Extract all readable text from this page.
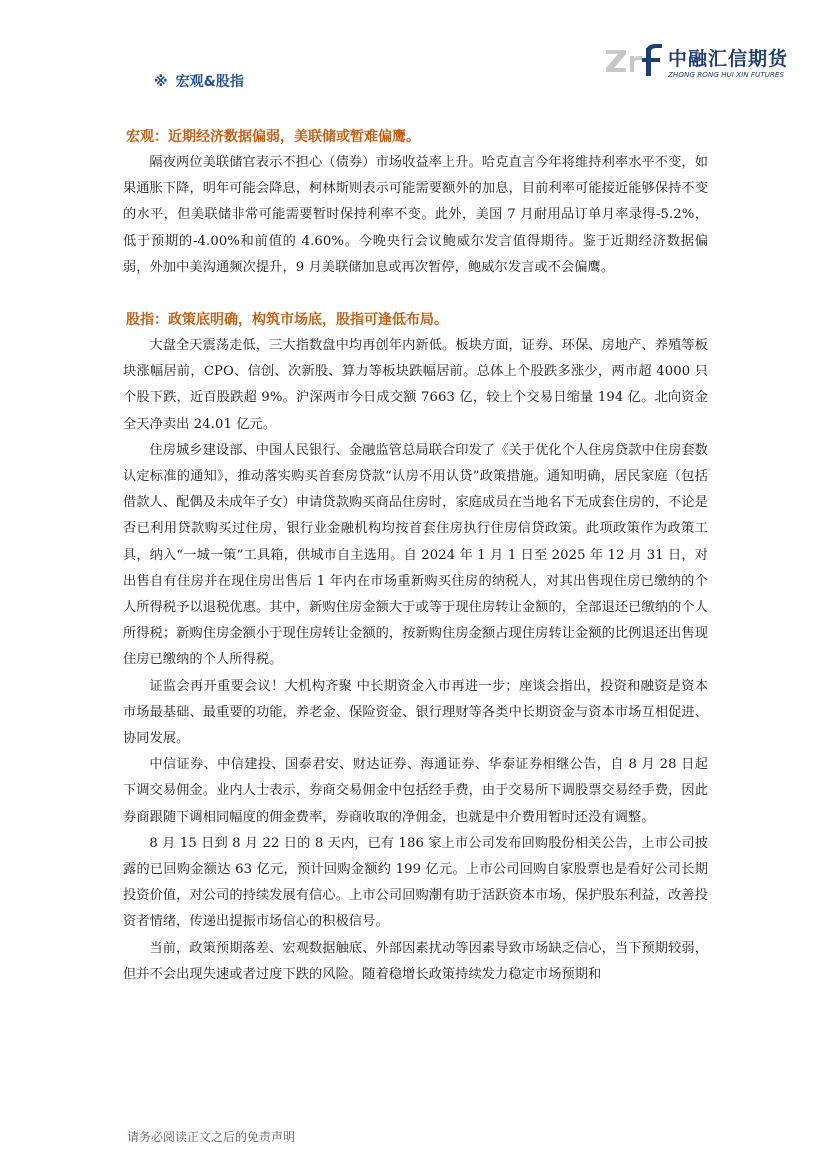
中融汇信期货
ZHONG RONG HUI XIN FUTURES
※ 宏观&股指

宏观：近期经济数据偏弱，美联储或暂难偏鹰。

隔夜两位美联储官表示不担心（债券）市场收益率上升。哈克直言今年将维持利率水平不变，如果通胀下降，明年可能会降息，柯林斯则表示可能需要额外的加息，目前利率可能接近能够保持不变的水平，但美联储非常可能需要暂时保持利率不变。此外，美国 7 月耐用品订单月率录得-5.2%，低于预期的-4.00%和前值的 4.60%。今晚央行会议鲍威尔发言值得期待。鉴于近期经济数据偏弱，外加中美沟通频次提升，9 月美联储加息或再次暂停，鲍威尔发言或不会偏鹰。

股指：政策底明确，构筑市场底，股指可逢低布局。

大盘全天震荡走低，三大指数盘中均再创年内新低。板块方面，证券、环保、房地产、养殖等板块涨幅居前，CPO、信创、次新股、算力等板块跌幅居前。总体上个股跌多涨少，两市超 4000 只个股下跌，近百股跌超 9%。沪深两市今日成交额 7663 亿，较上个交易日缩量 194 亿。北向资金全天净卖出 24.01 亿元。

住房城乡建设部、中国人民银行、金融监管总局联合印发了《关于优化个人住房贷款中住房套数认定标准的通知》，推动落实购买首套房贷款“认房不用认贷”政策措施。通知明确，居民家庭（包括借款人、配偶及未成年子女）申请贷款购买商品住房时，家庭成员在当地名下无成套住房的，不论是否已利用贷款购买过住房，银行业金融机构均按首套住房执行住房信贷政策。此项政策作为政策工具，纳入“一城一策”工具箱，供城市自主选用。自 2024 年 1 月 1 日至 2025 年 12 月 31 日，对出售自有住房并在现住房出售后 1 年内在市场重新购买住房的纳税人，对其出售现住房已缴纳的个人所得税予以退税优惠。其中，新购住房金额大于或等于现住房转让金额的，全部退还已缴纳的个人所得税；新购住房金额小于现住房转让金额的，按新购住房金额占现住房转让金额的比例退还出售现住房已缴纳的个人所得税。

证监会再开重要会议！大机构齐聚 中长期资金入市再进一步；座谈会指出，投资和融资是资本市场最基础、最重要的功能，养老金、保险资金、银行理财等各类中长期资金与资本市场互相促进、协同发展。

中信证券、中信建投、国泰君安、财达证券、海通证券、华泰证券相继公告，自 8 月 28 日起下调交易佣金。业内人士表示，券商交易佣金中包括经手费，由于交易所下调股票交易经手费，因此券商跟随下调相同幅度的佣金费率，券商收取的净佣金，也就是中介费用暂时还没有调整。

8 月 15 日到 8 月 22 日的 8 天内，已有 186 家上市公司发布回购股份相关公告，上市公司披露的已回购金额达 63 亿元，预计回购金额约 199 亿元。上市公司回购自家股票也是看好公司长期投资价值，对公司的持续发展有信心。上市公司回购潮有助于活跃资本市场，保护股东利益，改善投资者情绪，传递出提振市场信心的积极信号。

当前，政策预期落差、宏观数据触底、外部因素扰动等因素导致市场缺乏信心，当下预期较弱，但并不会出现失速或者过度下跌的风险。随着稳增长政策持续发力稳定市场预期和

请务必阅读正文之后的免责声明
